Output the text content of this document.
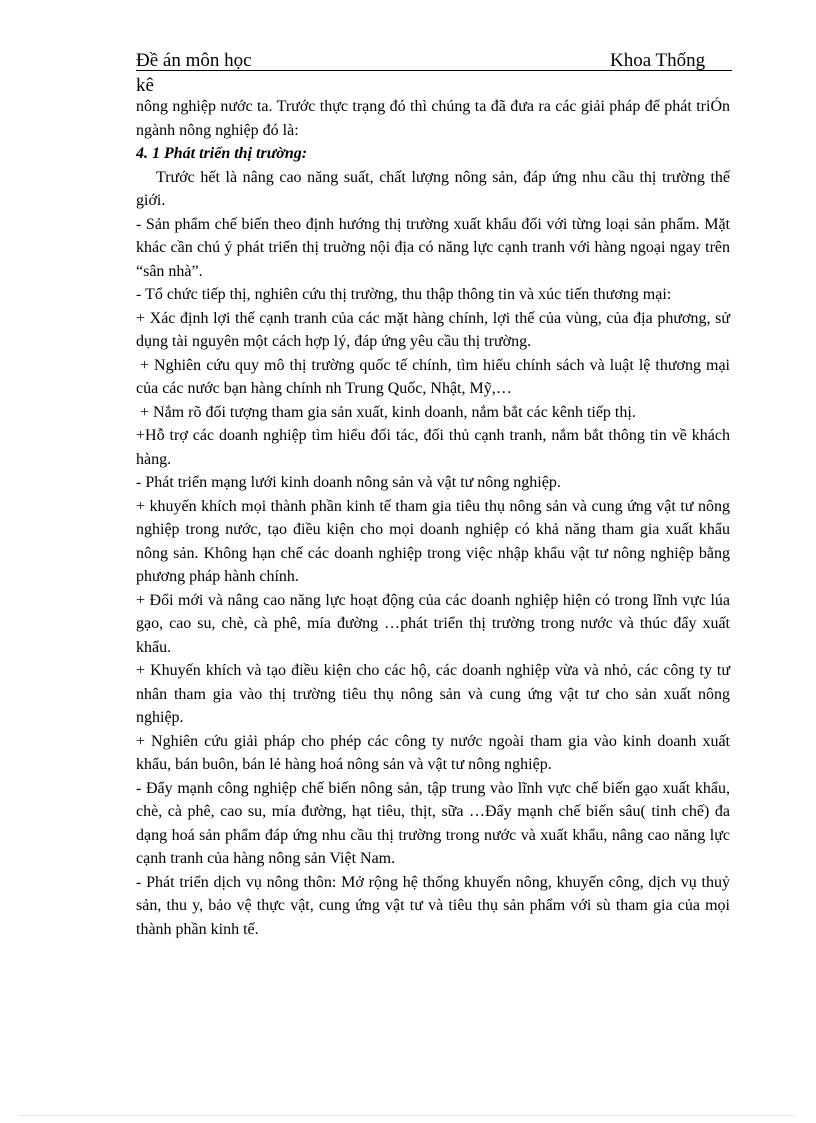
Đề án môn học	Khoa Thống
kê

nông nghiệp nước ta. Trước thực trạng đó thì chúng ta đã đưa ra các giải pháp để phát triÓn ngành nông nghiệp đó là:

4. 1 Phát triển thị trường:

Trước hết là nâng cao năng suất, chất lượng nông sản, đáp ứng nhu cầu thị trường thế giới.

- Sản phẩm chế biến theo định hướng thị trường xuất khẩu đối với từng loại sản phẩm. Mặt khác cần chú ý phát triển thị truờng nội địa có năng lực cạnh tranh với hàng ngoại ngay trên “sân nhà”.

- Tổ chức tiếp thị, nghiên cứu thị trường, thu thập thông tin và xúc tiến thương mại:

+ Xác định lợi thế cạnh tranh của các mặt hàng chính, lợi thế của vùng, của địa phương, sử dụng tài nguyên một cách hợp lý, đáp ứng yêu cầu thị trường.

+ Nghiên cứu quy mô thị trường quốc tế chính, tìm hiểu chính sách và luật lệ thương mại của các nước bạn hàng chính nh Trung Quốc, Nhật, Mỹ,…

+ Nắm rõ đối tượng tham gia sản xuất, kinh doanh, nắm bắt các kênh tiếp thị.

+Hỗ trợ các doanh nghiệp tìm hiểu đối tác, đối thủ cạnh tranh, nắm bắt thông tin về khách hàng.

- Phát triển mạng lưới kinh doanh nông sản và vật tư nông nghiệp.

+ khuyến khích mọi thành phần kinh tế tham gia tiêu thụ nông sản và cung ứng vật tư nông nghiệp trong nước, tạo điều kiện cho mọi doanh nghiệp có khả năng tham gia xuất khẩu nông sản. Không hạn chế các doanh nghiệp trong việc nhập khẩu vật tư nông nghiệp bằng phương pháp hành chính.

+ Đổi mới và nâng cao năng lực hoạt động của các doanh nghiệp hiện có trong lĩnh vực lúa gạo, cao su, chè, cà phê, mía đường …phát triển thị trường trong nước và thúc đẩy xuất khẩu.

+ Khuyến khích và tạo điều kiện cho các hộ, các doanh nghiệp vừa và nhỏ, các công ty tư nhân tham gia vào thị trường tiêu thụ nông sản và cung ứng vật tư cho sản xuất nông nghiệp.

+ Nghiên cứu giải pháp cho phép các công ty nước ngoài tham gia vào kinh doanh xuất khẩu, bán buôn, bán lẻ hàng hoá nông sản và vật tư nông nghiệp.

- Đẩy mạnh công nghiệp chế biến nông sản, tập trung vào lĩnh vực chế biến gạo xuất khẩu, chè, cà phê, cao su, mía đường, hạt tiêu, thịt, sữa …Đẩy mạnh chế biến sâu( tinh chế) đa dạng hoá sản phẩm đáp ứng nhu cầu thị trường trong nước và xuất khẩu, nâng cao năng lực cạnh tranh của hàng nông sản Việt Nam.

- Phát triển dịch vụ nông thôn: Mở rộng hệ thống khuyến nông, khuyến công, dịch vụ thuỷ sản, thu y, bảo vệ thực vật, cung ứng vật tư và tiêu thụ sản phẩm với sù tham gia của mọi thành phần kinh tế.
